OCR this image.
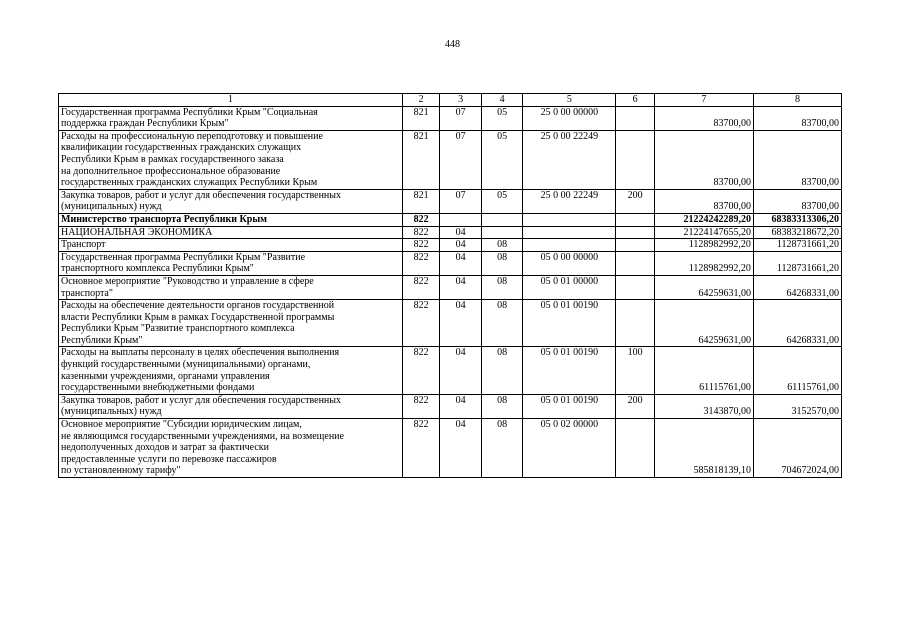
448
1	2	3	4	5	6	7	8
Государственная программа Республики Крым "Социальная
поддержка граждан Республики Крым"	821	07	05	25 0 00 00000		83700,00	83700,00
Расходы на профессиональную переподготовку и повышение
квалификации государственных гражданских служащих
Республики Крым в рамках государственного заказа
на дополнительное профессиональное образование
государственных гражданских служащих Республики Крым	821	07	05	25 0 00 22249		83700,00	83700,00
Закупка товаров, работ и услуг для обеспечения государственных
(муниципальных) нужд	821	07	05	25 0 00 22249	200	83700,00	83700,00
Министерство транспорта Республики Крым	822					21224242289,20	68383313306,20
НАЦИОНАЛЬНАЯ ЭКОНОМИКА	822	04				21224147655,20	68383218672,20
Транспорт	822	04	08			1128982992,20	1128731661,20
Государственная программа Республики Крым "Развитие
транспортного комплекса Республики Крым"	822	04	08	05 0 00 00000		1128982992,20	1128731661,20
Основное мероприятие "Руководство и управление в сфере
транспорта"	822	04	08	05 0 01 00000		64259631,00	64268331,00
Расходы на обеспечение деятельности органов государственной
власти Республики Крым в рамках Государственной программы
Республики Крым "Развитие транспортного комплекса
Республики Крым"	822	04	08	05 0 01 00190		64259631,00	64268331,00
Расходы на выплаты персоналу в целях обеспечения выполнения
функций государственными (муниципальными) органами,
казенными учреждениями, органами управления
государственными внебюджетными фондами	822	04	08	05 0 01 00190	100	61115761,00	61115761,00
Закупка товаров, работ и услуг для обеспечения государственных
(муниципальных) нужд	822	04	08	05 0 01 00190	200	3143870,00	3152570,00
Основное мероприятие "Субсидии юридическим лицам,
не являющимся государственными учреждениями, на возмещение
недополученных доходов и затрат за фактически
предоставленные услуги по перевозке пассажиров
по установленному тарифу"	822	04	08	05 0 02 00000		585818139,10	704672024,00
